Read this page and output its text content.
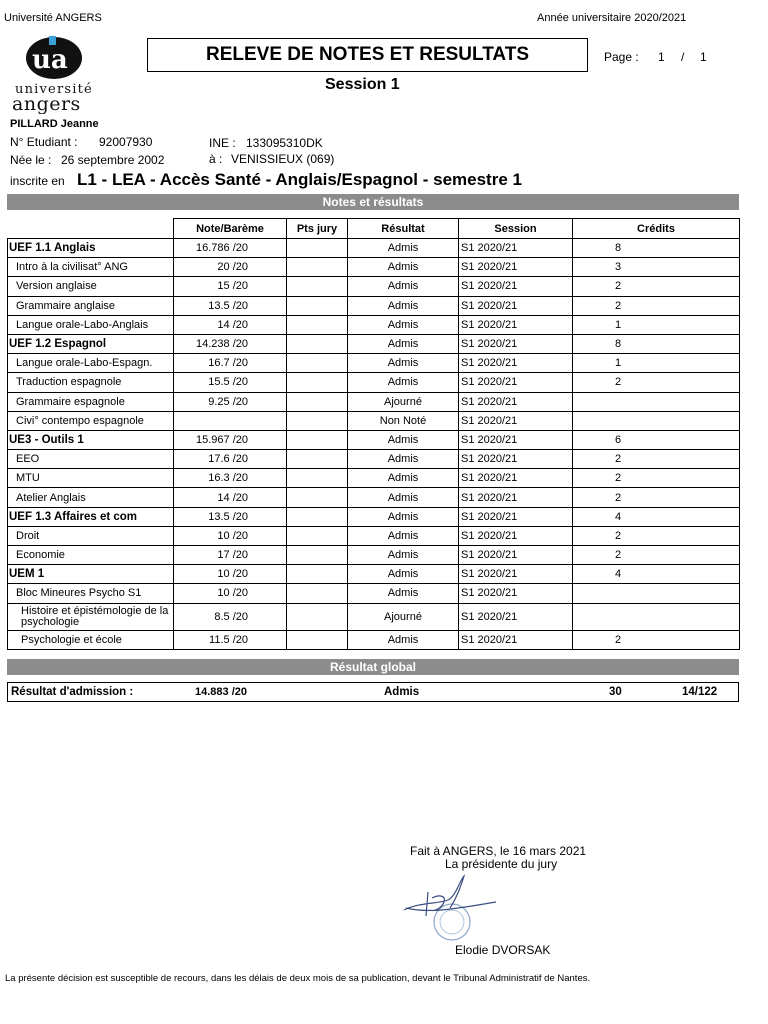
Université ANGERS	Année universitaire 2020/2021
ua
université
angers
RELEVE DE NOTES ET RESULTATS	Page : 1 / 1
Session 1
PILLARD Jeanne
N° Etudiant : 92007930	INE : 133095310DK
Née le : 26 septembre 2002	à : VENISSIEUX (069)
inscrite en L1 - LEA - Accès Santé - Anglais/Espagnol - semestre 1
Notes et résultats
	Note/Barème	Pts jury	Résultat	Session	Crédits
UEF 1.1 Anglais	16.786 /20		Admis	S1 2020/21	8
Intro à la civilisat° ANG	20 /20		Admis	S1 2020/21	3
Version anglaise	15 /20		Admis	S1 2020/21	2
Grammaire anglaise	13.5 /20		Admis	S1 2020/21	2
Langue orale-Labo-Anglais	14 /20		Admis	S1 2020/21	1
UEF 1.2 Espagnol	14.238 /20		Admis	S1 2020/21	8
Langue orale-Labo-Espagn.	16.7 /20		Admis	S1 2020/21	1
Traduction espagnole	15.5 /20		Admis	S1 2020/21	2
Grammaire espagnole	9.25 /20		Ajourné	S1 2020/21	
Civi° contempo espagnole			Non Noté	S1 2020/21	
UE3 - Outils 1	15.967 /20		Admis	S1 2020/21	6
EEO	17.6 /20		Admis	S1 2020/21	2
MTU	16.3 /20		Admis	S1 2020/21	2
Atelier Anglais	14 /20		Admis	S1 2020/21	2
UEF 1.3 Affaires et com	13.5 /20		Admis	S1 2020/21	4
Droit	10 /20		Admis	S1 2020/21	2
Economie	17 /20		Admis	S1 2020/21	2
UEM 1	10 /20		Admis	S1 2020/21	4
Bloc Mineures Psycho S1	10 /20		Admis	S1 2020/21	
Histoire et épistémologie de la psychologie	8.5 /20		Ajourné	S1 2020/21	
Psychologie et école	11.5 /20		Admis	S1 2020/21	2
Résultat global
Résultat d'admission :	14.883 /20	Admis	30	14/122
Fait à ANGERS, le 16 mars 2021
La présidente du jury
Elodie DVORSAK
La présente décision est susceptible de recours, dans les délais de deux mois de sa publication, devant le Tribunal Administratif de Nantes.
